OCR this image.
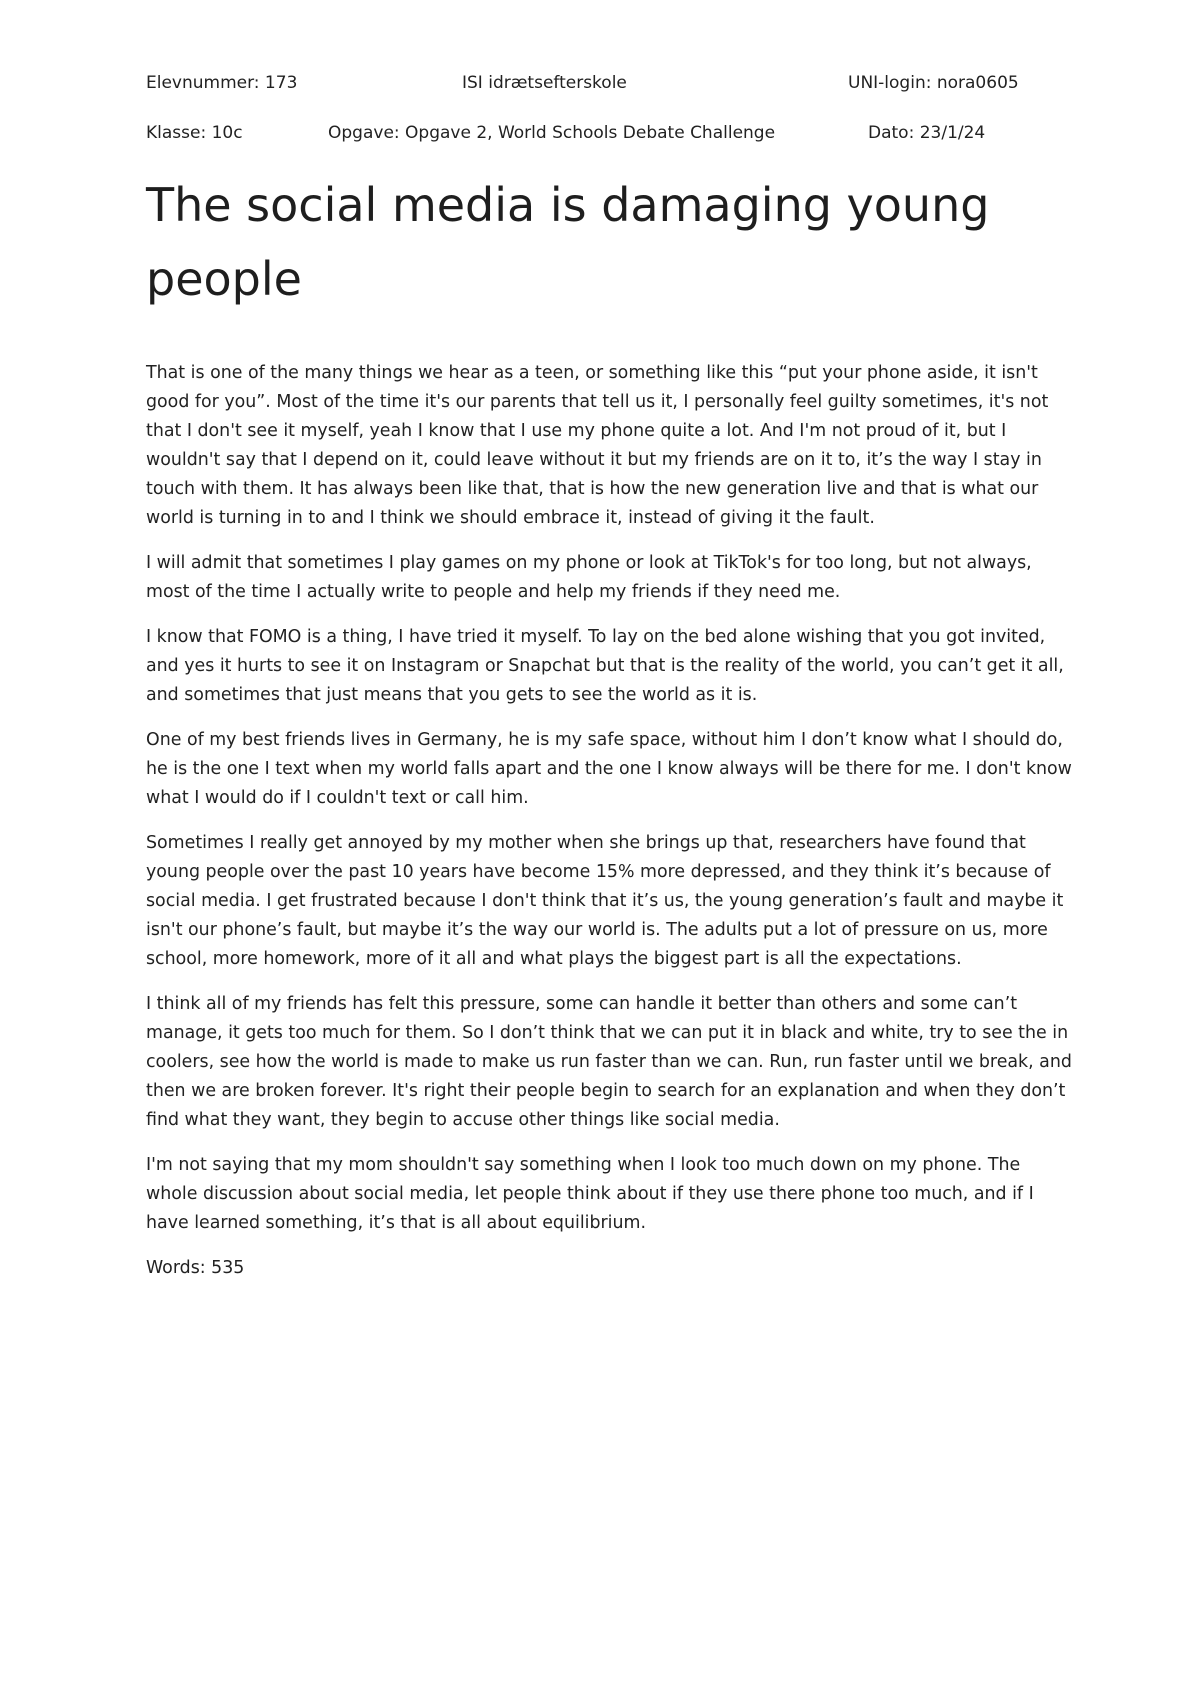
Elevnummer: 173	ISI idrætsefterskole	UNI-login: nora0605
Klasse: 10c	Opgave: Opgave 2, World Schools Debate Challenge	Dato: 23/1/24
The social media is damaging young people

That is one of the many things we hear as a teen, or something like this “put your phone aside, it isn't good for you”. Most of the time it's our parents that tell us it, I personally feel guilty sometimes, it's not that I don't see it myself, yeah I know that I use my phone quite a lot. And I'm not proud of it, but I wouldn't say that I depend on it, could leave without it but my friends are on it to, it’s the way I stay in touch with them. It has always been like that, that is how the new generation live and that is what our world is turning in to and I think we should embrace it, instead of giving it the fault.

I will admit that sometimes I play games on my phone or look at TikTok's for too long, but not always, most of the time I actually write to people and help my friends if they need me.

I know that FOMO is a thing, I have tried it myself. To lay on the bed alone wishing that you got invited, and yes it hurts to see it on Instagram or Snapchat but that is the reality of the world, you can’t get it all, and sometimes that just means that you gets to see the world as it is.

One of my best friends lives in Germany, he is my safe space, without him I don’t know what I should do, he is the one I text when my world falls apart and the one I know always will be there for me. I don't know what I would do if I couldn't text or call him.

Sometimes I really get annoyed by my mother when she brings up that, researchers have found that young people over the past 10 years have become 15% more depressed, and they think it’s because of social media. I get frustrated because I don't think that it’s us, the young generation’s fault and maybe it isn't our phone’s fault, but maybe it’s the way our world is. The adults put a lot of pressure on us, more school, more homework, more of it all and what plays the biggest part is all the expectations.

I think all of my friends has felt this pressure, some can handle it better than others and some can’t manage, it gets too much for them. So I don’t think that we can put it in black and white, try to see the in coolers, see how the world is made to make us run faster than we can. Run, run faster until we break, and then we are broken forever. It's right their people begin to search for an explanation and when they don’t find what they want, they begin to accuse other things like social media.

I'm not saying that my mom shouldn't say something when I look too much down on my phone. The whole discussion about social media, let people think about if they use there phone too much, and if I have learned something, it’s that is all about equilibrium.

Words: 535
